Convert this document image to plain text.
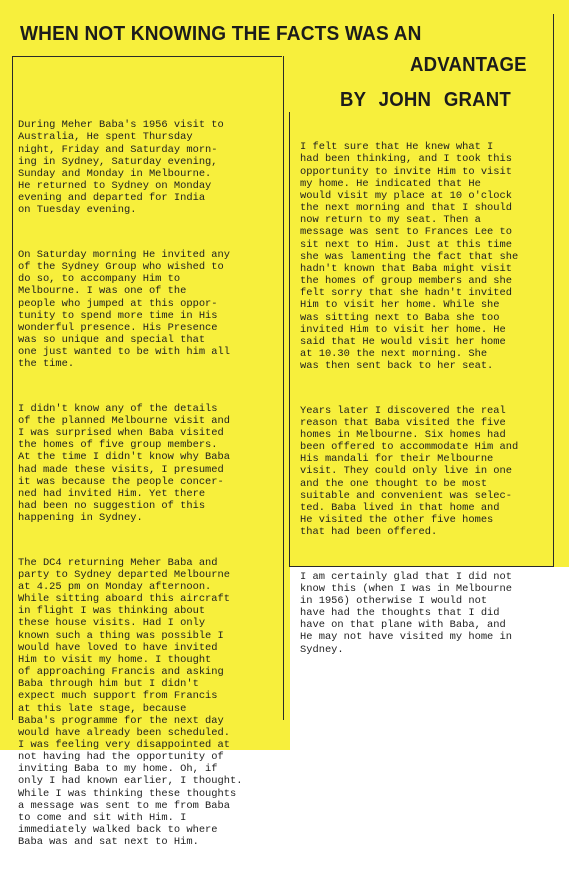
WHEN NOT KNOWING THE FACTS WAS AN
ADVANTAGE
BY JOHN GRANT

During Meher Baba's 1956 visit to
Australia, He spent Thursday
night, Friday and Saturday morn-
ing in Sydney, Saturday evening,
Sunday and Monday in Melbourne.
He returned to Sydney on Monday
evening and departed for India
on Tuesday evening.

On Saturday morning He invited any
of the Sydney Group who wished to
do so, to accompany Him to
Melbourne. I was one of the
people who jumped at this oppor-
tunity to spend more time in His
wonderful presence. His Presence
was so unique and special that
one just wanted to be with him all
the time.

I didn't know any of the details
of the planned Melbourne visit and
I was surprised when Baba visited
the homes of five group members.
At the time I didn't know why Baba
had made these visits, I presumed
it was because the people concer-
ned had invited Him. Yet there
had been no suggestion of this
happening in Sydney.

The DC4 returning Meher Baba and
party to Sydney departed Melbourne
at 4.25 pm on Monday afternoon.
While sitting aboard this aircraft
in flight I was thinking about
these house visits. Had I only
known such a thing was possible I
would have loved to have invited
Him to visit my home. I thought
of approaching Francis and asking
Baba through him but I didn't
expect much support from Francis
at this late stage, because
Baba's programme for the next day
would have already been scheduled.
I was feeling very disappointed at
not having had the opportunity of
inviting Baba to my home. Oh, if
only I had known earlier, I thought.
While I was thinking these thoughts
a message was sent to me from Baba
to come and sit with Him. I
immediately walked back to where
Baba was and sat next to Him.

I felt sure that He knew what I
had been thinking, and I took this
opportunity to invite Him to visit
my home. He indicated that He
would visit my place at 10 o'clock
the next morning and that I should
now return to my seat. Then a
message was sent to Frances Lee to
sit next to Him. Just at this time
she was lamenting the fact that she
hadn't known that Baba might visit
the homes of group members and she
felt sorry that she hadn't invited
Him to visit her home. While she
was sitting next to Baba she too
invited Him to visit her home. He
said that He would visit her home
at 10.30 the next morning. She
was then sent back to her seat.

Years later I discovered the real
reason that Baba visited the five
homes in Melbourne. Six homes had
been offered to accommodate Him and
His mandali for their Melbourne
visit. They could only live in one
and the one thought to be most
suitable and convenient was selec-
ted. Baba lived in that home and
He visited the other five homes
that had been offered.

I am certainly glad that I did not
know this (when I was in Melbourne
in 1956) otherwise I would not
have had the thoughts that I did
have on that plane with Baba, and
He may not have visited my home in
Sydney.
